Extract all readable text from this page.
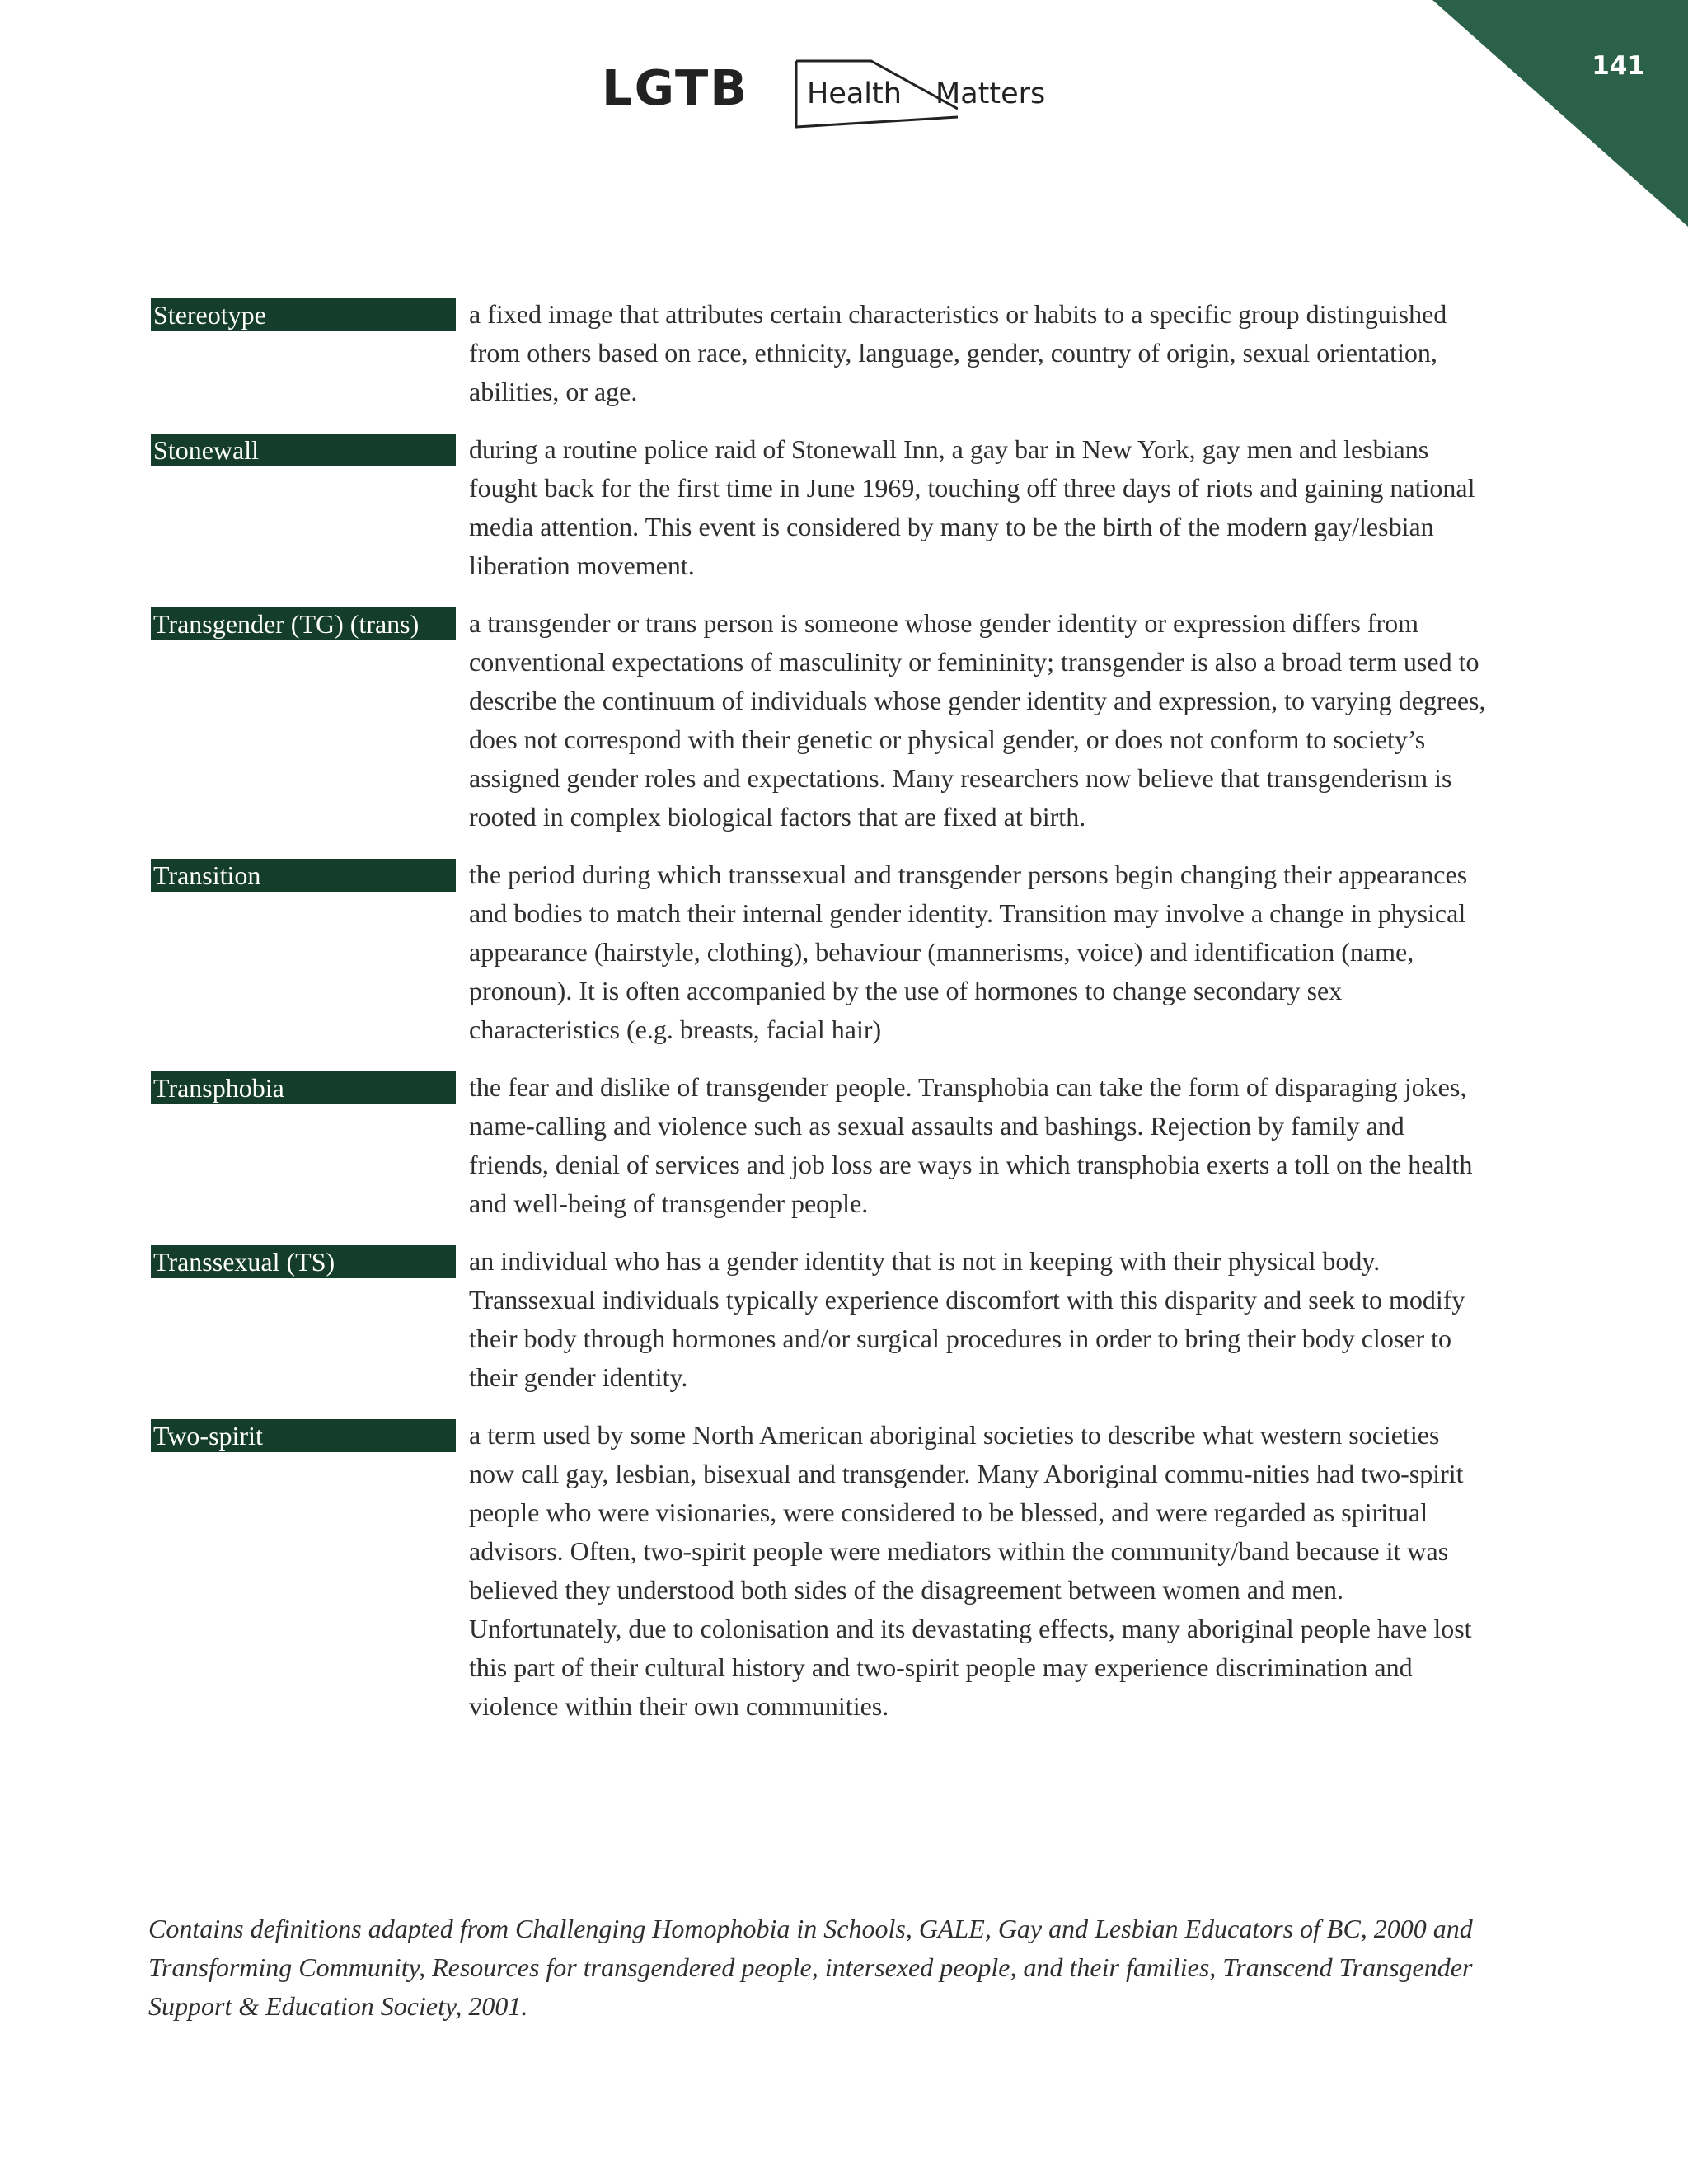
141
LGTB Health Matters
Stereotype	a fixed image that attributes certain characteristics or habits to a specific group distinguished from others based on race, ethnicity, language, gender, country of origin, sexual orientation, abilities, or age.
Stonewall	during a routine police raid of Stonewall Inn, a gay bar in New York, gay men and lesbians fought back for the first time in June 1969, touching off three days of riots and gaining national media attention. This event is considered by many to be the birth of the modern gay/lesbian liberation movement.
Transgender (TG) (trans)	a transgender or trans person is someone whose gender identity or expression differs from conventional expectations of masculinity or femininity; transgender is also a broad term used to describe the continuum of individuals whose gender identity and expression, to varying degrees, does not correspond with their genetic or physical gender, or does not conform to society’s assigned gender roles and expectations. Many researchers now believe that transgenderism is rooted in complex biological factors that are fixed at birth.
Transition	the period during which transsexual and transgender persons begin changing their appearances and bodies to match their internal gender identity. Transition may involve a change in physical appearance (hairstyle, clothing), behaviour (mannerisms, voice) and identification (name, pronoun). It is often accompanied by the use of hormones to change secondary sex characteristics (e.g. breasts, facial hair)
Transphobia	the fear and dislike of transgender people. Transphobia can take the form of disparaging jokes, name-calling and violence such as sexual assaults and bashings. Rejection by family and friends, denial of services and job loss are ways in which transphobia exerts a toll on the health and well-being of transgender people.
Transsexual (TS)	an individual who has a gender identity that is not in keeping with their physical body. Transsexual individuals typically experience discomfort with this disparity and seek to modify their body through hormones and/or surgical procedures in order to bring their body closer to their gender identity.
Two-spirit	a term used by some North American aboriginal societies to describe what western societies now call gay, lesbian, bisexual and transgender. Many Aboriginal commu-nities had two-spirit people who were visionaries, were considered to be blessed, and were regarded as spiritual advisors. Often, two-spirit people were mediators within the community/band because it was believed they understood both sides of the disagreement between women and men. Unfortunately, due to colonisation and its devastating effects, many aboriginal people have lost this part of their cultural history and two-spirit people may experience discrimination and violence within their own communities.
Contains definitions adapted from Challenging Homophobia in Schools, GALE, Gay and Lesbian Educators of BC, 2000 and Transforming Community, Resources for transgendered people, intersexed people, and their families, Transcend Transgender Support & Education Society, 2001.
